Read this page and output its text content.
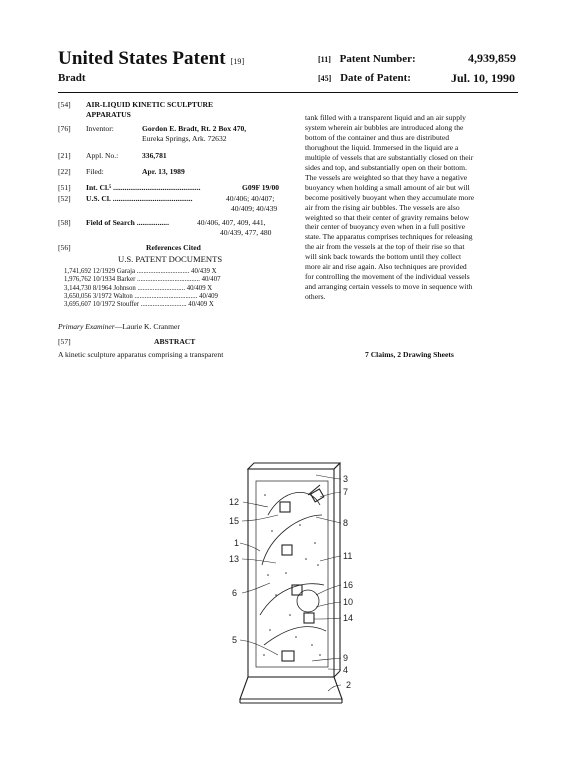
United States Patent [19]
Bradt
[11] Patent Number:	4,939,859
[45] Date of Patent:	Jul. 10, 1990
[54] AIR-LIQUID KINETIC SCULPTURE
APPARATUS
[76] Inventor:	Gordon E. Bradt, Rt. 2 Box 470,
Eureka Springs, Ark. 72632
[21] Appl. No.:	336,781
[22] Filed:	Apr. 13, 1989
[51] Int. Cl.⁵ ..............................................	G09F 19/00
[52] U.S. Cl. ..........................................	40/406; 40/407;
40/409; 40/439
[58] Field of Search .................	40/406, 407, 409, 441,
40/439, 477, 480
[56]	References Cited
U.S. PATENT DOCUMENTS
1,741,692 12/1929 Garaja ............................... 40/439 X
1,976,762 10/1934 Barker ..................................... 40/407
3,144,730 8/1964 Johnson ............................ 40/409 X
3,650,056 3/1972 Walton ..................................... 40/409
3,695,607 10/1972 Stouffer ........................... 40/409 X
Primary Examiner—Laurie K. Cranmer
[57]	ABSTRACT
A kinetic sculpture apparatus comprising a transparent

tank filled with a transparent liquid and an air supply

system wherein air bubbles are introduced along the

bottom of the container and thus are distributed

thorughout the liquid. Immersed in the liquid are a

multiple of vessels that are substantially closed on their

sides and top, and substantially open on their bottom.

The vessels are weighted so that they have a negative

buoyancy when holding a small amount of air but will

become positively buoyant when they accumulate more

air from the rising air bubbles. The vessels are also

weighted so that their center of gravity remains below

their center of buoyancy even when in a full positive

state. The apparatus comprises techniques for releasing

the air from the vessels at the top of their rise so that

will sink back towards the bottom until they collect

more air and rise again. Also techniques are provided

for controlling the movement of the individual vessels

and arranging certain vessels to move in sequence with

others.

7 Claims, 2 Drawing Sheets
12
15
1
13
6
5
3
7
8
11
16
10
14
9
4
2
